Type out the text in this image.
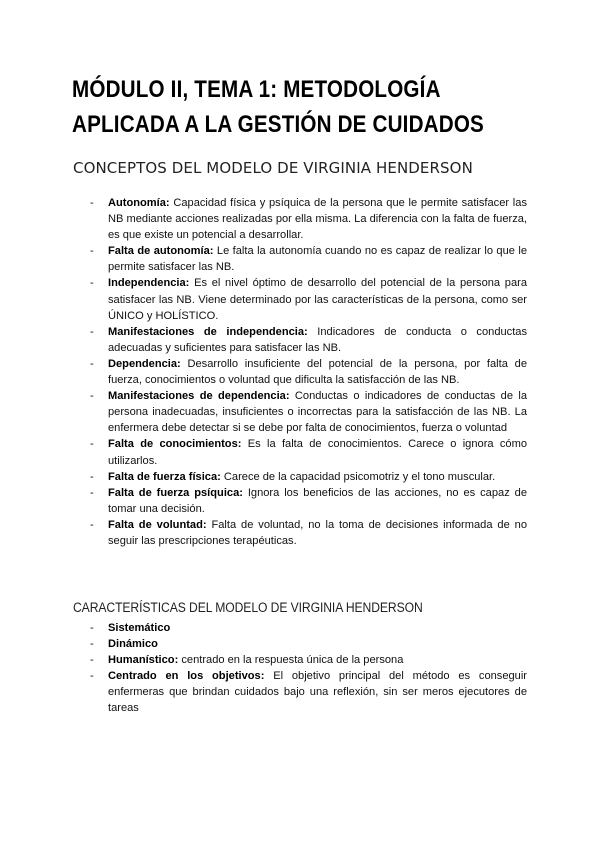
MÓDULO II, TEMA 1: METODOLOGÍA APLICADA A LA GESTIÓN DE CUIDADOS
CONCEPTOS DEL MODELO DE VIRGINIA HENDERSON
- Autonomía: Capacidad física y psíquica de la persona que le permite satisfacer las NB mediante acciones realizadas por ella misma. La diferencia con la falta de fuerza, es que existe un potencial a desarrollar.
- Falta de autonomía: Le falta la autonomía cuando no es capaz de realizar lo que le permite satisfacer las NB.
- Independencia: Es el nivel óptimo de desarrollo del potencial de la persona para satisfacer las NB. Viene determinado por las características de la persona, como ser ÚNICO y HOLÍSTICO.
- Manifestaciones de independencia: Indicadores de conducta o conductas adecuadas y suficientes para satisfacer las NB.
- Dependencia: Desarrollo insuficiente del potencial de la persona, por falta de fuerza, conocimientos o voluntad que dificulta la satisfacción de las NB.
- Manifestaciones de dependencia: Conductas o indicadores de conductas de la persona inadecuadas, insuficientes o incorrectas para la satisfacción de las NB. La enfermera debe detectar si se debe por falta de conocimientos, fuerza o voluntad
- Falta de conocimientos: Es la falta de conocimientos. Carece o ignora cómo utilizarlos.
- Falta de fuerza física: Carece de la capacidad psicomotriz y el tono muscular.
- Falta de fuerza psíquica: Ignora los beneficios de las acciones, no es capaz de tomar una decisión.
- Falta de voluntad: Falta de voluntad, no la toma de decisiones informada de no seguir las prescripciones terapéuticas.
CARACTERÍSTICAS DEL MODELO DE VIRGINIA HENDERSON
- Sistemático
- Dinámico
- Humanístico: centrado en la respuesta única de la persona
- Centrado en los objetivos: El objetivo principal del método es conseguir enfermeras que brindan cuidados bajo una reflexión, sin ser meros ejecutores de tareas
